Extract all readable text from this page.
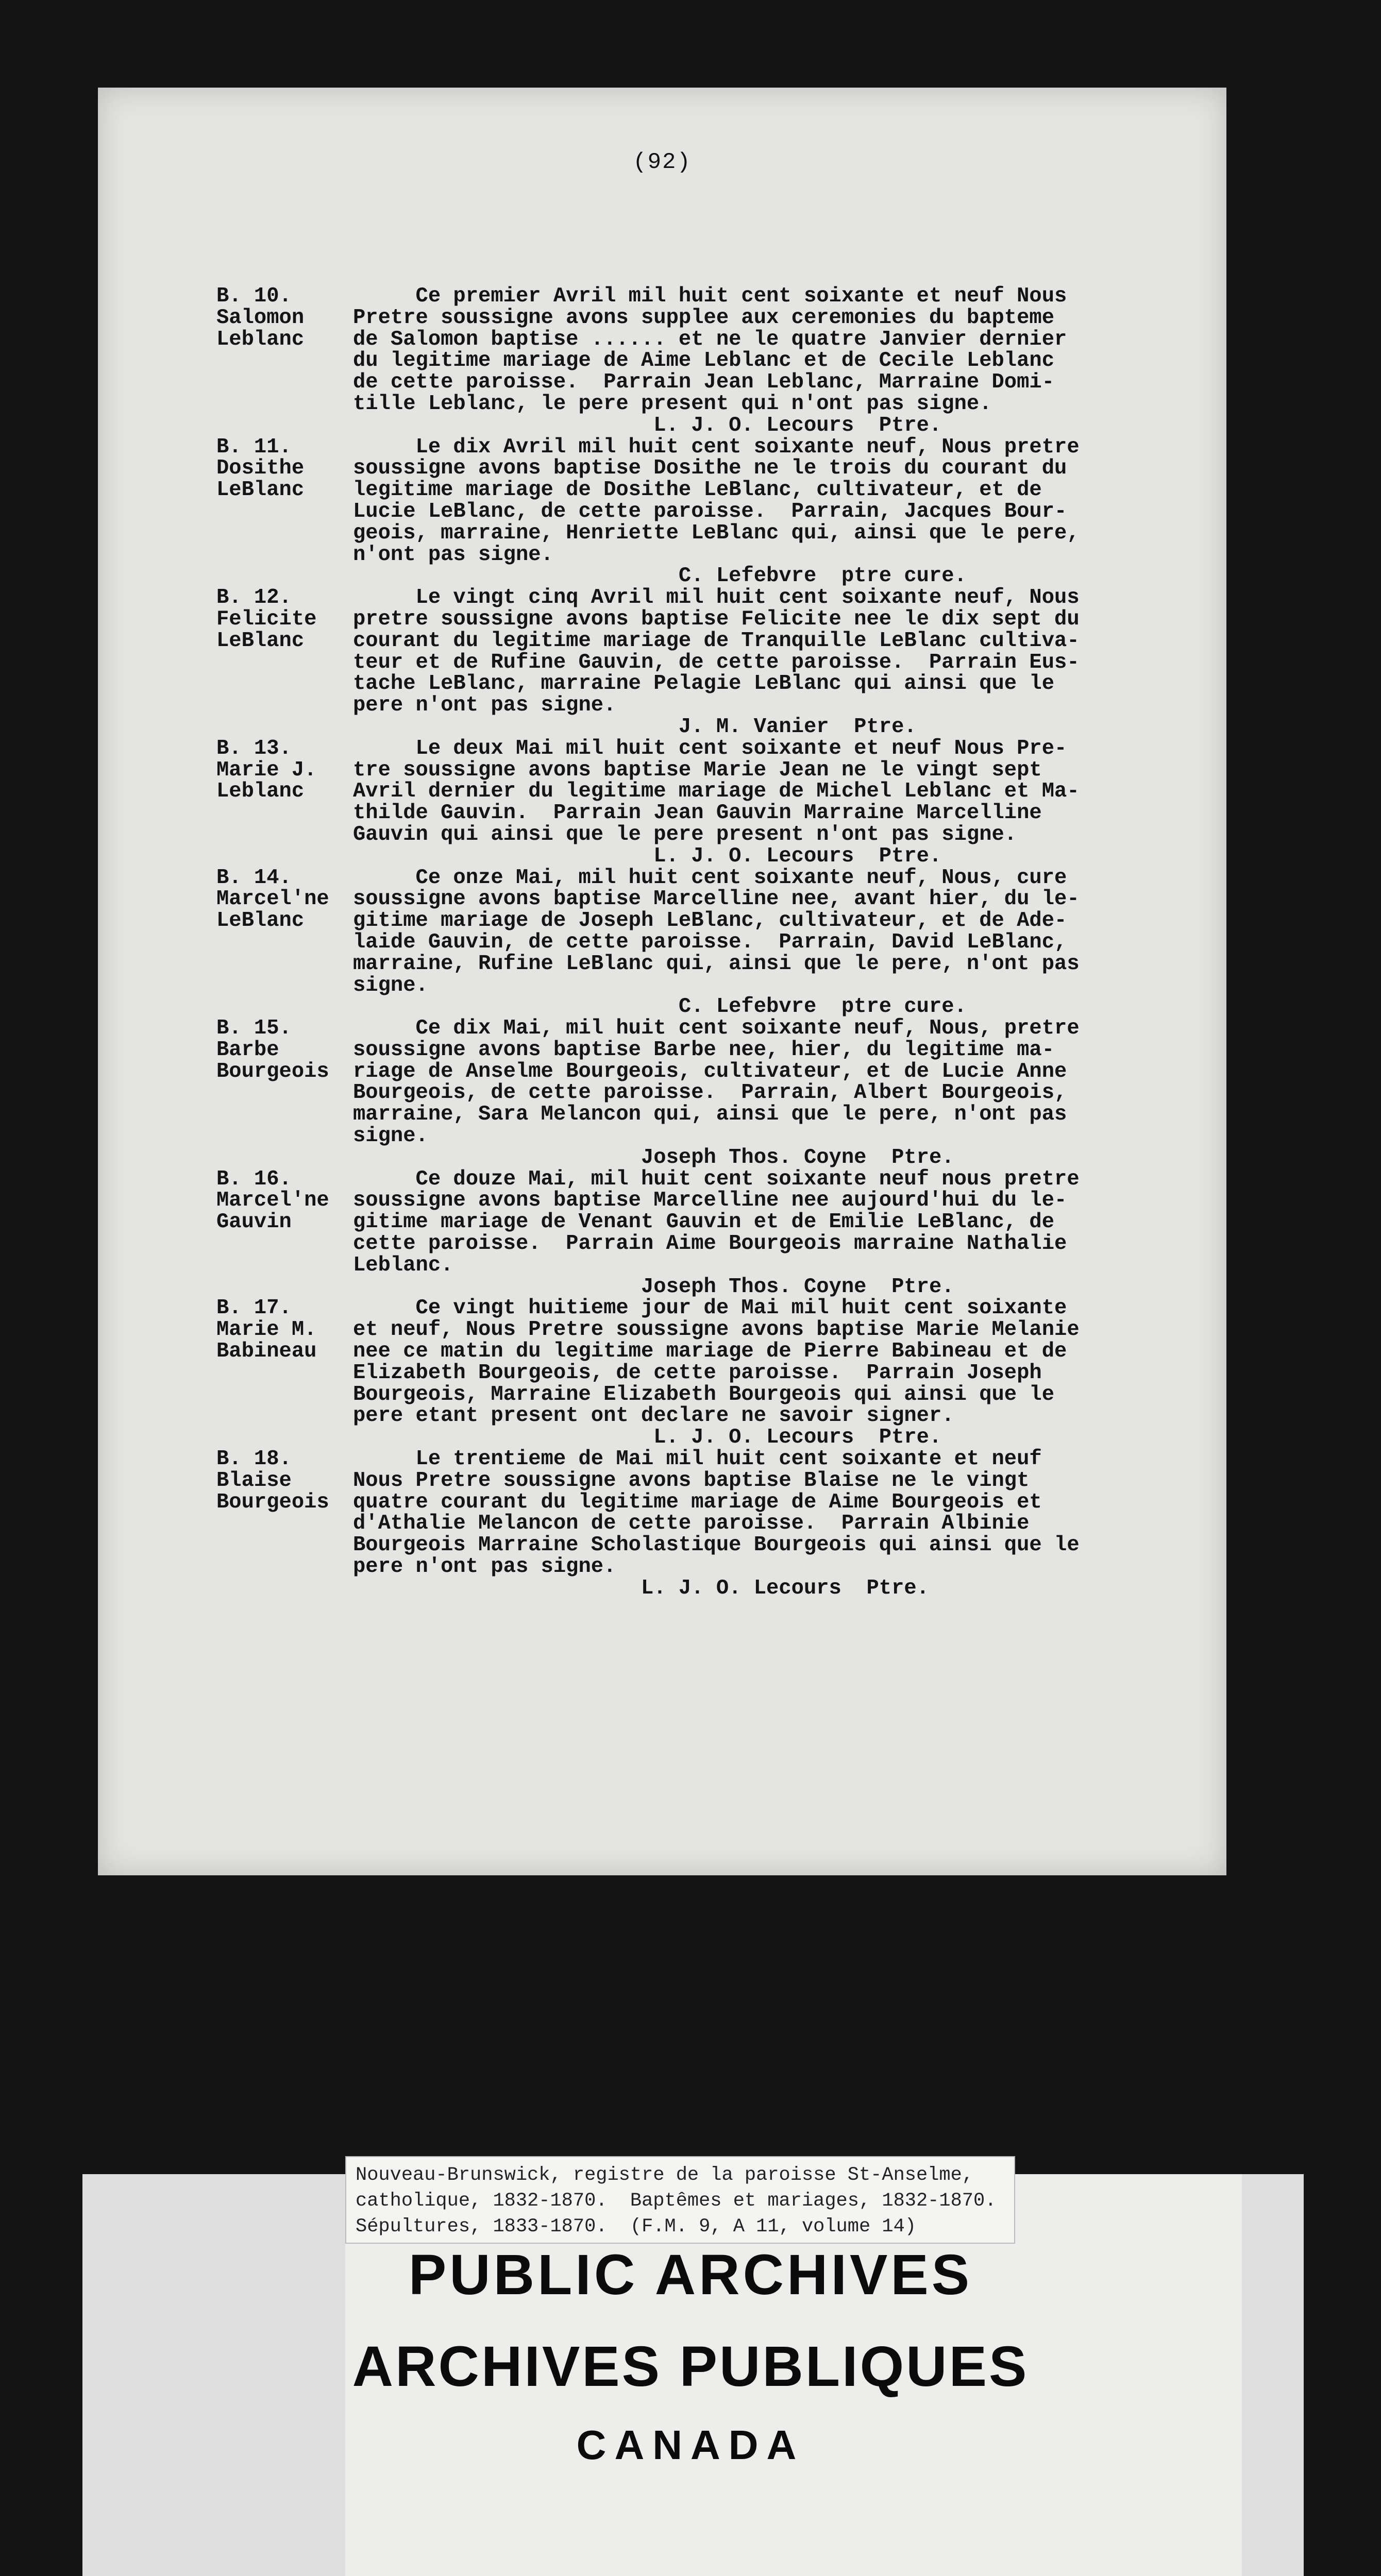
(92)
B. 10.
Salomon
Leblanc
Ce premier Avril mil huit cent soixante et neuf Nous
Pretre soussigne avons supplee aux ceremonies du bapteme
de Salomon baptise ...... et ne le quatre Janvier dernier
du legitime mariage de Aime Leblanc et de Cecile Leblanc
de cette paroisse.  Parrain Jean Leblanc, Marraine Domi-
tille Leblanc, le pere present qui n'ont pas signe.
L. J. O. Lecours  Ptre.
B. 11.
Dosithe
LeBlanc
Le dix Avril mil huit cent soixante neuf, Nous pretre
soussigne avons baptise Dosithe ne le trois du courant du
legitime mariage de Dosithe LeBlanc, cultivateur, et de
Lucie LeBlanc, de cette paroisse.  Parrain, Jacques Bour-
geois, marraine, Henriette LeBlanc qui, ainsi que le pere,
n'ont pas signe.
C. Lefebvre  ptre cure.
B. 12.
Felicite
LeBlanc
Le vingt cinq Avril mil huit cent soixante neuf, Nous
pretre soussigne avons baptise Felicite nee le dix sept du
courant du legitime mariage de Tranquille LeBlanc cultiva-
teur et de Rufine Gauvin, de cette paroisse.  Parrain Eus-
tache LeBlanc, marraine Pelagie LeBlanc qui ainsi que le
pere n'ont pas signe.
J. M. Vanier  Ptre.
B. 13.
Marie J.
Leblanc
Le deux Mai mil huit cent soixante et neuf Nous Pre-
tre soussigne avons baptise Marie Jean ne le vingt sept
Avril dernier du legitime mariage de Michel Leblanc et Ma-
thilde Gauvin.  Parrain Jean Gauvin Marraine Marcelline
Gauvin qui ainsi que le pere present n'ont pas signe.
L. J. O. Lecours  Ptre.
B. 14.
Marcel'ne
LeBlanc
Ce onze Mai, mil huit cent soixante neuf, Nous, cure
soussigne avons baptise Marcelline nee, avant hier, du le-
gitime mariage de Joseph LeBlanc, cultivateur, et de Ade-
laide Gauvin, de cette paroisse.  Parrain, David LeBlanc,
marraine, Rufine LeBlanc qui, ainsi que le pere, n'ont pas
signe.
C. Lefebvre  ptre cure.
B. 15.
Barbe
Bourgeois
Ce dix Mai, mil huit cent soixante neuf, Nous, pretre
soussigne avons baptise Barbe nee, hier, du legitime ma-
riage de Anselme Bourgeois, cultivateur, et de Lucie Anne
Bourgeois, de cette paroisse.  Parrain, Albert Bourgeois,
marraine, Sara Melancon qui, ainsi que le pere, n'ont pas
signe.
Joseph Thos. Coyne  Ptre.
B. 16.
Marcel'ne
Gauvin
Ce douze Mai, mil huit cent soixante neuf nous pretre
soussigne avons baptise Marcelline nee aujourd'hui du le-
gitime mariage de Venant Gauvin et de Emilie LeBlanc, de
cette paroisse.  Parrain Aime Bourgeois marraine Nathalie
Leblanc.
Joseph Thos. Coyne  Ptre.
B. 17.
Marie M.
Babineau
Ce vingt huitieme jour de Mai mil huit cent soixante
et neuf, Nous Pretre soussigne avons baptise Marie Melanie
nee ce matin du legitime mariage de Pierre Babineau et de
Elizabeth Bourgeois, de cette paroisse.  Parrain Joseph
Bourgeois, Marraine Elizabeth Bourgeois qui ainsi que le
pere etant present ont declare ne savoir signer.
L. J. O. Lecours  Ptre.
B. 18.
Blaise
Bourgeois
Le trentieme de Mai mil huit cent soixante et neuf
Nous Pretre soussigne avons baptise Blaise ne le vingt
quatre courant du legitime mariage de Aime Bourgeois et
d'Athalie Melancon de cette paroisse.  Parrain Albinie
Bourgeois Marraine Scholastique Bourgeois qui ainsi que le
pere n'ont pas signe.
L. J. O. Lecours  Ptre.
Nouveau-Brunswick, registre de la paroisse St-Anselme,
catholique, 1832-1870.  Baptêmes et mariages, 1832-1870.
Sépultures, 1833-1870.  (F.M. 9, A 11, volume 14)
PUBLIC ARCHIVES
ARCHIVES PUBLIQUES
CANADA
